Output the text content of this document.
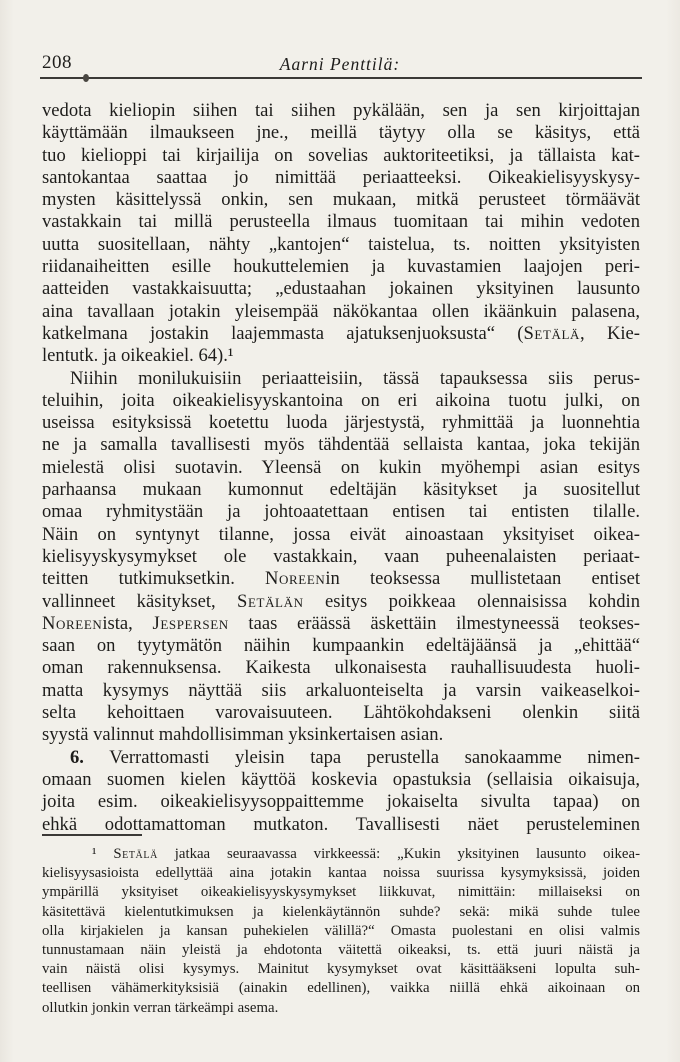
208	Aarni Penttilä:
vedota kieliopin siihen tai siihen pykälään, sen ja sen kirjoittajan
käyttämään ilmaukseen jne., meillä täytyy olla se käsitys, että
tuo kielioppi tai kirjailija on sovelias auktoriteetiksi, ja tällaista kat-
santokantaa saattaa jo nimittää periaatteeksi. Oikeakielisyyskysy-
mysten käsittelyssä onkin, sen mukaan, mitkä perusteet törmäävät
vastakkain tai millä perusteella ilmaus tuomitaan tai mihin vedoten
uutta suositellaan, nähty „kantojen“ taistelua, ts. noitten yksityisten
riidanaiheitten esille houkuttelemien ja kuvastamien laajojen peri-
aatteiden vastakkaisuutta; „edustaahan jokainen yksityinen lausunto
aina tavallaan jotakin yleisempää näkökantaa ollen ikäänkuin palasena,
katkelmana jostakin laajemmasta ajatuksenjuoksusta“ (Setälä, Kie-
lentutk. ja oikeakiel. 64).¹
Niihin monilukuisiin periaatteisiin, tässä tapauksessa siis perus-
teluihin, joita oikeakielisyyskantoina on eri aikoina tuotu julki, on
useissa esityksissä koetettu luoda järjestystä, ryhmittää ja luonnehtia
ne ja samalla tavallisesti myös tähdentää sellaista kantaa, joka tekijän
mielestä olisi suotavin. Yleensä on kukin myöhempi asian esitys
parhaansa mukaan kumonnut edeltäjän käsitykset ja suositellut
omaa ryhmitystään ja johtoaatettaan entisen tai entisten tilalle.
Näin on syntynyt tilanne, jossa eivät ainoastaan yksityiset oikea-
kielisyyskysymykset ole vastakkain, vaan puheenalaisten periaat-
teitten tutkimuksetkin. Noreenin teoksessa mullistetaan entiset
vallinneet käsitykset, Setälän esitys poikkeaa olennaisissa kohdin
Noreenista, Jespersen taas eräässä äskettäin ilmestyneessä teokses-
saan on tyytymätön näihin kumpaankin edeltäjäänsä ja „ehittää“
oman rakennuksensa. Kaikesta ulkonaisesta rauhallisuudesta huoli-
matta kysymys näyttää siis arkaluonteiselta ja varsin vaikeaselkoi-
selta kehoittaen varovaisuuteen. Lähtökohdakseni olenkin siitä
syystä valinnut mahdollisimman yksinkertaisen asian.
6. Verrattomasti yleisin tapa perustella sanokaamme nimen-
omaan suomen kielen käyttöä koskevia opastuksia (sellaisia oikaisuja,
joita esim. oikeakielisyysoppaittemme jokaiselta sivulta tapaa) on
ehkä odottamattoman mutkaton. Tavallisesti näet perusteleminen
¹ Setälä jatkaa seuraavassa virkkeessä: „Kukin yksityinen lausunto oikea-
kielisyysasioista edellyttää aina jotakin kantaa noissa suurissa kysymyksissä, joiden
ympärillä yksityiset oikeakielisyyskysymykset liikkuvat, nimittäin: millaiseksi on
käsitettävä kielentutkimuksen ja kielenkäytännön suhde? sekä: mikä suhde tulee
olla kirjakielen ja kansan puhekielen välillä?“ Omasta puolestani en olisi valmis
tunnustamaan näin yleistä ja ehdotonta väitettä oikeaksi, ts. että juuri näistä ja
vain näistä olisi kysymys. Mainitut kysymykset ovat käsittääkseni lopulta suh-
teellisen vähämerkityksisiä (ainakin edellinen), vaikka niillä ehkä aikoinaan on
ollutkin jonkin verran tärkeämpi asema.
